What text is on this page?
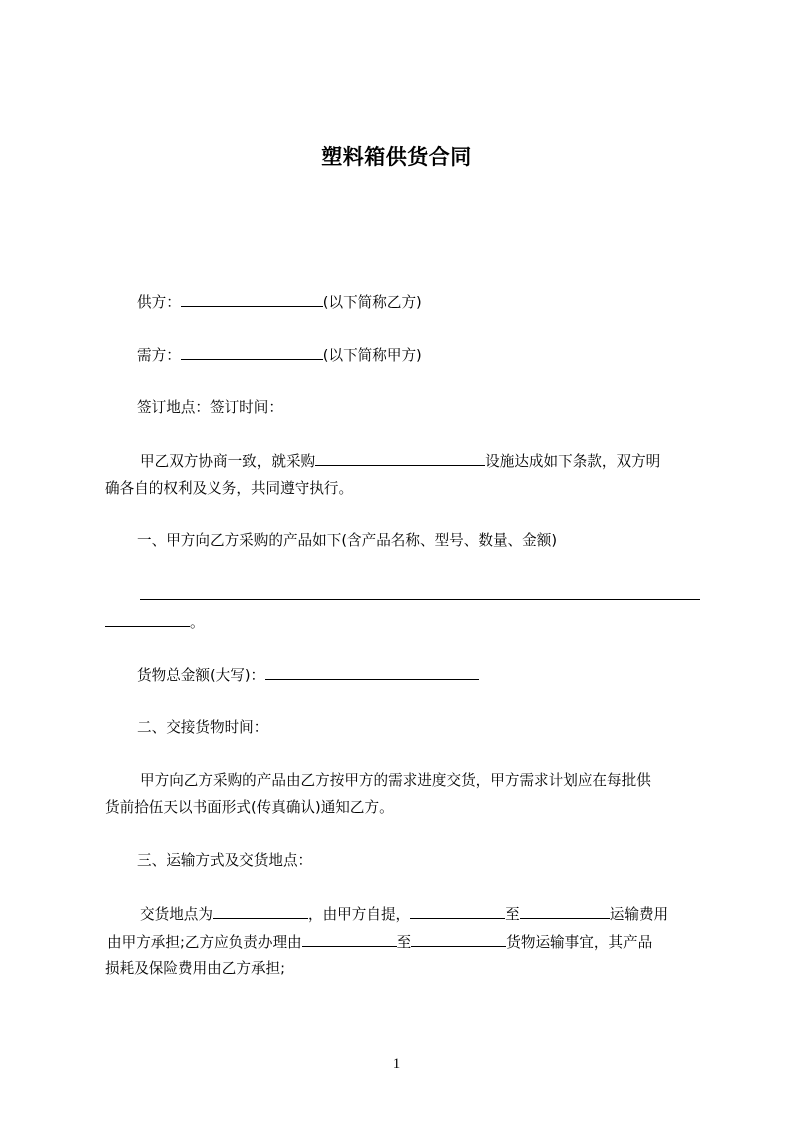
塑料箱供货合同
供方：	(以下简称乙方)
需方：	(以下简称甲方)
签订地点：签订时间：
甲乙双方协商一致，就采购	设施达成如下条款，双方明
确各自的权利及义务，共同遵守执行。
一、甲方向乙方采购的产品如下(含产品名称、型号、数量、金额)
。
货物总金额(大写)：
二、交接货物时间：
甲方向乙方采购的产品由乙方按甲方的需求进度交货，甲方需求计划应在每批供
货前拾伍天以书面形式(传真确认)通知乙方。
三、运输方式及交货地点：
交货地点为	，由甲方自提，	至	运输费用
由甲方承担;乙方应负责办理由	至	货物运输事宜，其产品
损耗及保险费用由乙方承担;
1
